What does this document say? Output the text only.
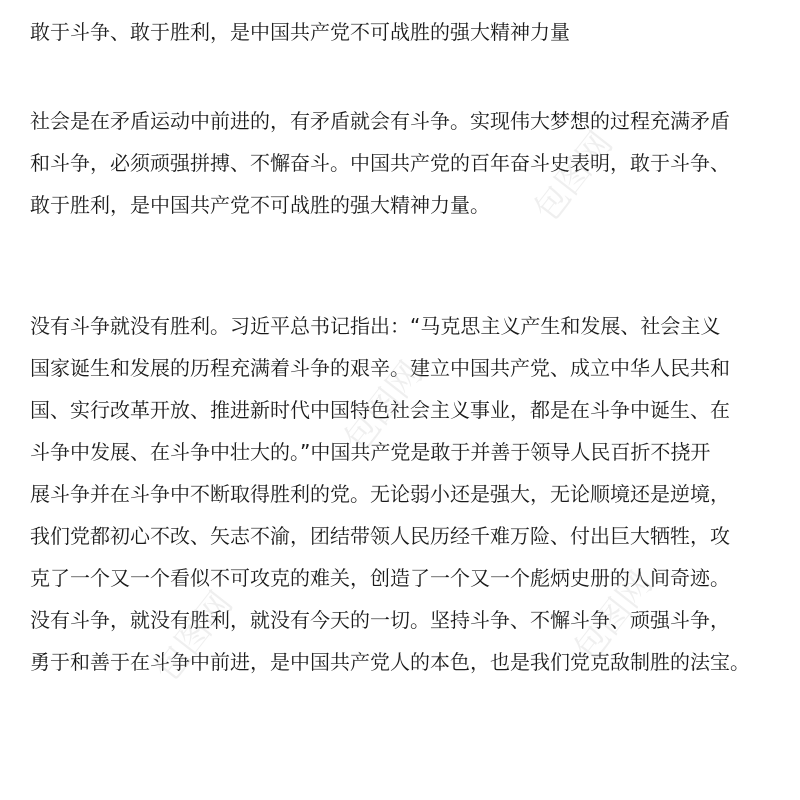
敢于斗争、敢于胜利，是中国共产党不可战胜的强大精神力量

社会是在矛盾运动中前进的，有矛盾就会有斗争。实现伟大梦想的过程充满矛盾
和斗争，必须顽强拼搏、不懈奋斗。中国共产党的百年奋斗史表明，敢于斗争、
敢于胜利，是中国共产党不可战胜的强大精神力量。

没有斗争就没有胜利。习近平总书记指出：“马克思主义产生和发展、社会主义
国家诞生和发展的历程充满着斗争的艰辛。建立中国共产党、成立中华人民共和
国、实行改革开放、推进新时代中国特色社会主义事业，都是在斗争中诞生、在
斗争中发展、在斗争中壮大的。”中国共产党是敢于并善于领导人民百折不挠开
展斗争并在斗争中不断取得胜利的党。无论弱小还是强大，无论顺境还是逆境，
我们党都初心不改、矢志不渝，团结带领人民历经千难万险、付出巨大牺牲，攻
克了一个又一个看似不可攻克的难关，创造了一个又一个彪炳史册的人间奇迹。
没有斗争，就没有胜利，就没有今天的一切。坚持斗争、不懈斗争、顽强斗争，
勇于和善于在斗争中前进，是中国共产党人的本色，也是我们党克敌制胜的法宝。

包图网
包图网
包图网	包图网
